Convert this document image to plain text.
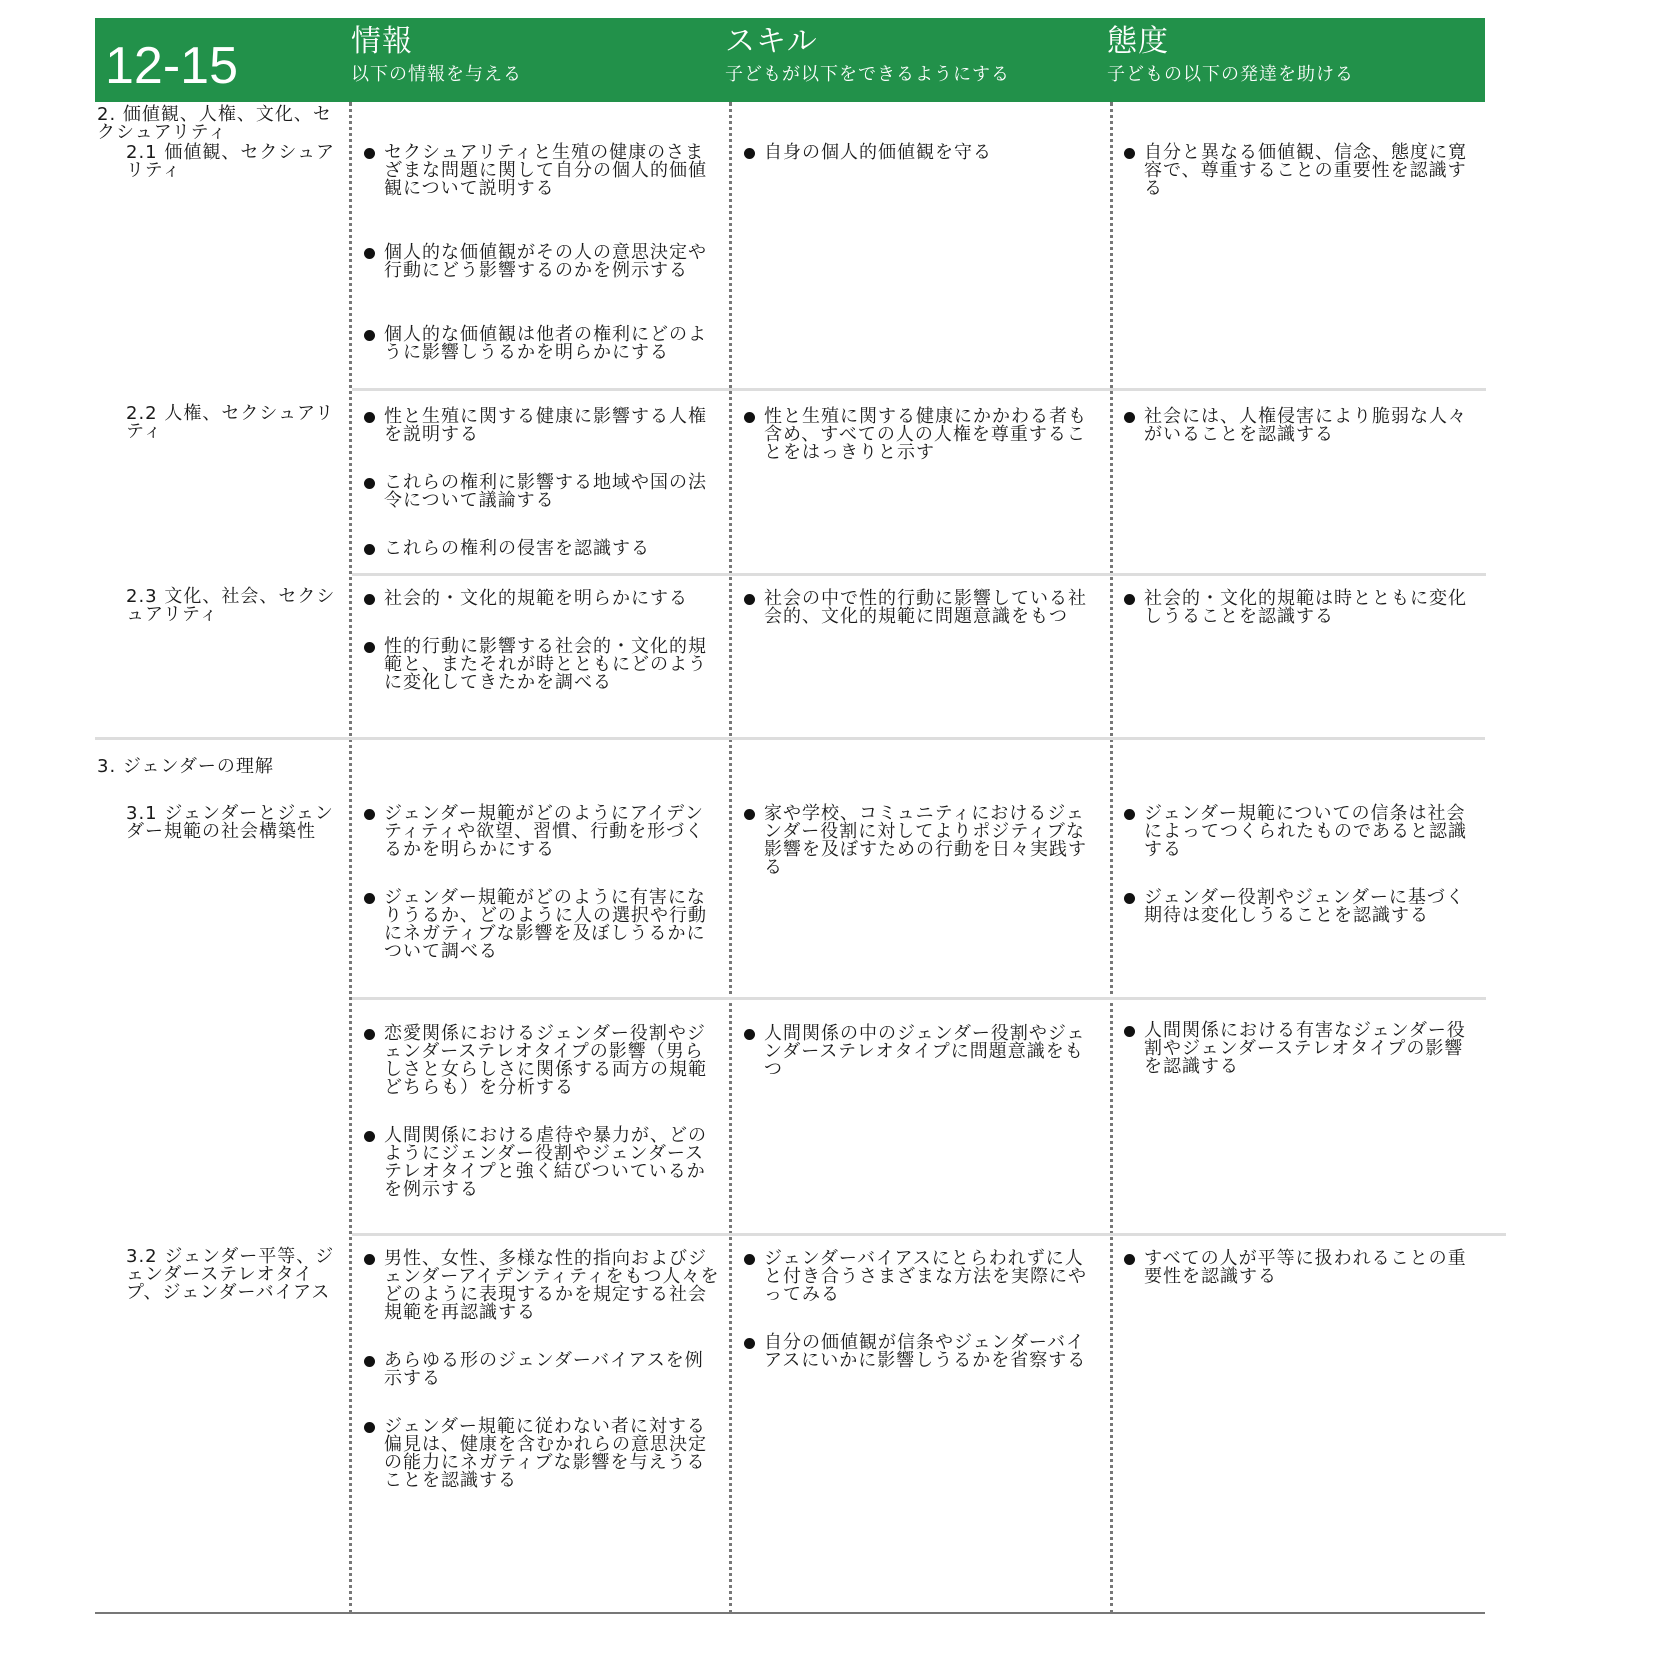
12-15	情報
以下の情報を与える
スキル
子どもが以下をできるようにする
態度
子どもの以下の発達を助ける
2. 価値観、人権、文化、セクシュアリティ
2.1 価値観、セクシュアリティ
2.2 人権、セクシュアリティ
2.3 文化、社会、セクシュアリティ
3. ジェンダーの理解
3.1 ジェンダーとジェンダー規範の社会構築性
3.2 ジェンダー平等、ジェンダーステレオタイプ、ジェンダーバイアス
セクシュアリティと生殖の健康のさまざまな問題に関して自分の個人的価値観について説明する
個人的な価値観がその人の意思決定や行動にどう影響するのかを例示する
個人的な価値観は他者の権利にどのように影響しうるかを明らかにする
自身の個人的価値観を守る	自分と異なる価値観、信念、態度に寛容で、尊重することの重要性を認識する
性と生殖に関する健康に影響する人権を説明する
これらの権利に影響する地域や国の法令について議論する
これらの権利の侵害を認識する
性と生殖に関する健康にかかわる者も含め、すべての人の人権を尊重することをはっきりと示す
社会には、人権侵害により脆弱な人々がいることを認識する
社会的・文化的規範を明らかにする
性的行動に影響する社会的・文化的規範と、またそれが時とともにどのように変化してきたかを調べる
社会の中で性的行動に影響している社会的、文化的規範に問題意識をもつ
社会的・文化的規範は時とともに変化しうることを認識する
ジェンダー規範がどのようにアイデンティティや欲望、習慣、行動を形づくるかを明らかにする
ジェンダー規範がどのように有害になりうるか、どのように人の選択や行動にネガティブな影響を及ぼしうるかについて調べる
家や学校、コミュニティにおけるジェンダー役割に対してよりポジティブな影響を及ぼすための行動を日々実践する
ジェンダー規範についての信条は社会によってつくられたものであると認識する
ジェンダー役割やジェンダーに基づく期待は変化しうることを認識する
恋愛関係におけるジェンダー役割やジェンダーステレオタイプの影響（男らしさと女らしさに関係する両方の規範どちらも）を分析する
人間関係における虐待や暴力が、どのようにジェンダー役割やジェンダーステレオタイプと強く結びついているかを例示する
人間関係の中のジェンダー役割やジェンダーステレオタイプに問題意識をもつ
人間関係における有害なジェンダー役割やジェンダーステレオタイプの影響を認識する
男性、女性、多様な性的指向およびジェンダーアイデンティティをもつ人々をどのように表現するかを規定する社会規範を再認識する
あらゆる形のジェンダーバイアスを例示する
ジェンダー規範に従わない者に対する偏見は、健康を含むかれらの意思決定の能力にネガティブな影響を与えうることを認識する
ジェンダーバイアスにとらわれずに人と付き合うさまざまな方法を実際にやってみる
自分の価値観が信条やジェンダーバイアスにいかに影響しうるかを省察する
すべての人が平等に扱われることの重要性を認識する
